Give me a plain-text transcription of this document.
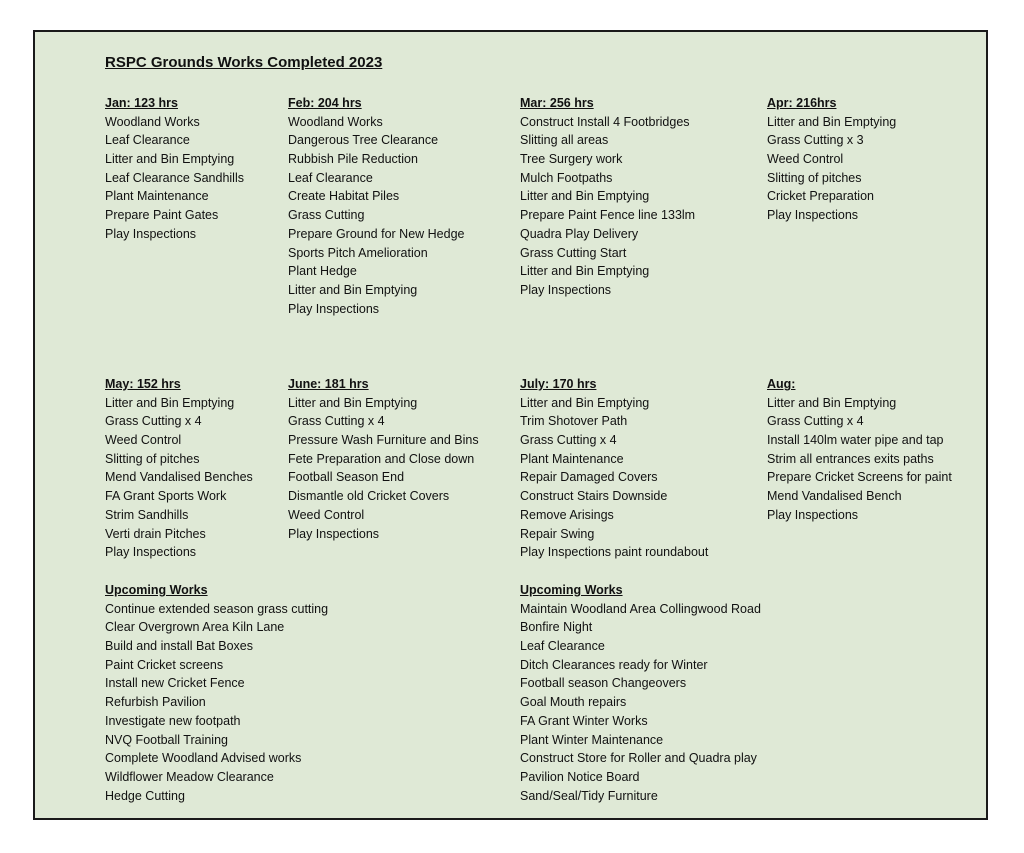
RSPC Grounds Works Completed 2023
Jan: 123 hrs
Woodland Works
Leaf Clearance
Litter and Bin Emptying
Leaf Clearance Sandhills
Plant Maintenance
Prepare Paint Gates
Play Inspections
Feb: 204 hrs
Woodland Works
Dangerous Tree Clearance
Rubbish Pile Reduction
Leaf Clearance
Create Habitat Piles
Grass Cutting
Prepare Ground for New Hedge
Sports Pitch Amelioration
Plant Hedge
Litter and Bin Emptying
Play Inspections
Mar: 256 hrs
Construct Install 4 Footbridges
Slitting all areas
Tree Surgery work
Mulch Footpaths
Litter and Bin Emptying
Prepare Paint Fence line 133lm
Quadra Play Delivery
Grass Cutting Start
Litter and Bin Emptying
Play Inspections
Apr: 216hrs
Litter and Bin Emptying
Grass Cutting x 3
Weed Control
Slitting of pitches
Cricket Preparation
Play Inspections
May: 152 hrs
Litter and Bin Emptying
Grass Cutting x 4
Weed Control
Slitting of pitches
Mend Vandalised Benches
FA Grant Sports Work
Strim Sandhills
Verti drain Pitches
Play Inspections
June: 181 hrs
Litter and Bin Emptying
Grass Cutting x 4
Pressure Wash Furniture and Bins
Fete Preparation and Close down
Football Season End
Dismantle old Cricket Covers
Weed Control
Play Inspections
July: 170 hrs
Litter and Bin Emptying
Trim Shotover Path
Grass Cutting x 4
Plant Maintenance
Repair Damaged Covers
Construct Stairs Downside
Remove Arisings
Repair Swing
Play Inspections paint roundabout
Aug:
Litter and Bin Emptying
Grass Cutting x 4
Install 140lm water pipe and tap
Strim all entrances exits paths
Prepare Cricket Screens for paint
Mend Vandalised Bench
Play Inspections
Upcoming Works
Continue extended season grass cutting
Clear Overgrown Area Kiln Lane
Build and install Bat Boxes
Paint Cricket screens
Install new Cricket Fence
Refurbish Pavilion
Investigate new footpath
NVQ Football Training
Complete Woodland Advised works
Wildflower Meadow Clearance
Hedge Cutting
Upcoming Works
Maintain Woodland Area Collingwood Road
Bonfire Night
Leaf Clearance
Ditch Clearances ready for Winter
Football season Changeovers
Goal Mouth repairs
FA Grant Winter Works
Plant Winter Maintenance
Construct Store for Roller and Quadra play
Pavilion Notice Board
Sand/Seal/Tidy Furniture
